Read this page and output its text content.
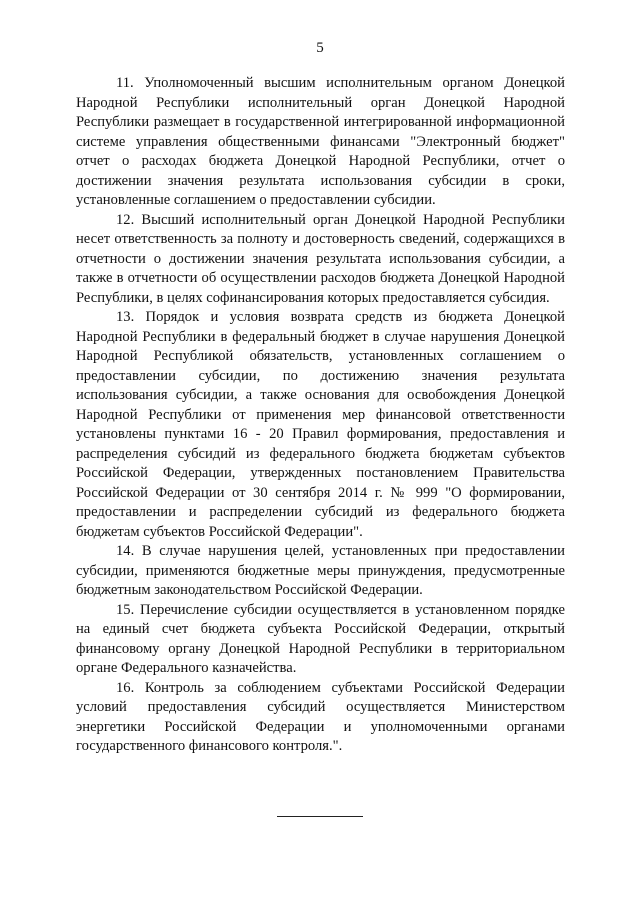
5

11. Уполномоченный высшим исполнительным органом Донецкой Народной Республики исполнительный орган Донецкой Народной Республики размещает в государственной интегрированной информационной системе управления общественными финансами "Электронный бюджет" отчет о расходах бюджета Донецкой Народной Республики, отчет о достижении значения результата использования субсидии в сроки, установленные соглашением о предоставлении субсидии.

12. Высший исполнительный орган Донецкой Народной Республики несет ответственность за полноту и достоверность сведений, содержащихся в отчетности о достижении значения результата использования субсидии, а также в отчетности об осуществлении расходов бюджета Донецкой Народной Республики, в целях софинансирования которых предоставляется субсидия.

13. Порядок и условия возврата средств из бюджета Донецкой Народной Республики в федеральный бюджет в случае нарушения Донецкой Народной Республикой обязательств, установленных соглашением о предоставлении субсидии, по достижению значения результата использования субсидии, а также основания для освобождения Донецкой Народной Республики от применения мер финансовой ответственности установлены пунктами 16 - 20 Правил формирования, предоставления и распределения субсидий из федерального бюджета бюджетам субъектов Российской Федерации, утвержденных постановлением Правительства Российской Федерации от 30 сентября 2014 г. № 999 "О формировании, предоставлении и распределении субсидий из федерального бюджета бюджетам субъектов Российской Федерации".

14. В случае нарушения целей, установленных при предоставлении субсидии, применяются бюджетные меры принуждения, предусмотренные бюджетным законодательством Российской Федерации.

15. Перечисление субсидии осуществляется в установленном порядке на единый счет бюджета субъекта Российской Федерации, открытый финансовому органу Донецкой Народной Республики в территориальном органе Федерального казначейства.

16. Контроль за соблюдением субъектами Российской Федерации условий предоставления субсидий осуществляется Министерством энергетики Российской Федерации и уполномоченными органами государственного финансового контроля.".
